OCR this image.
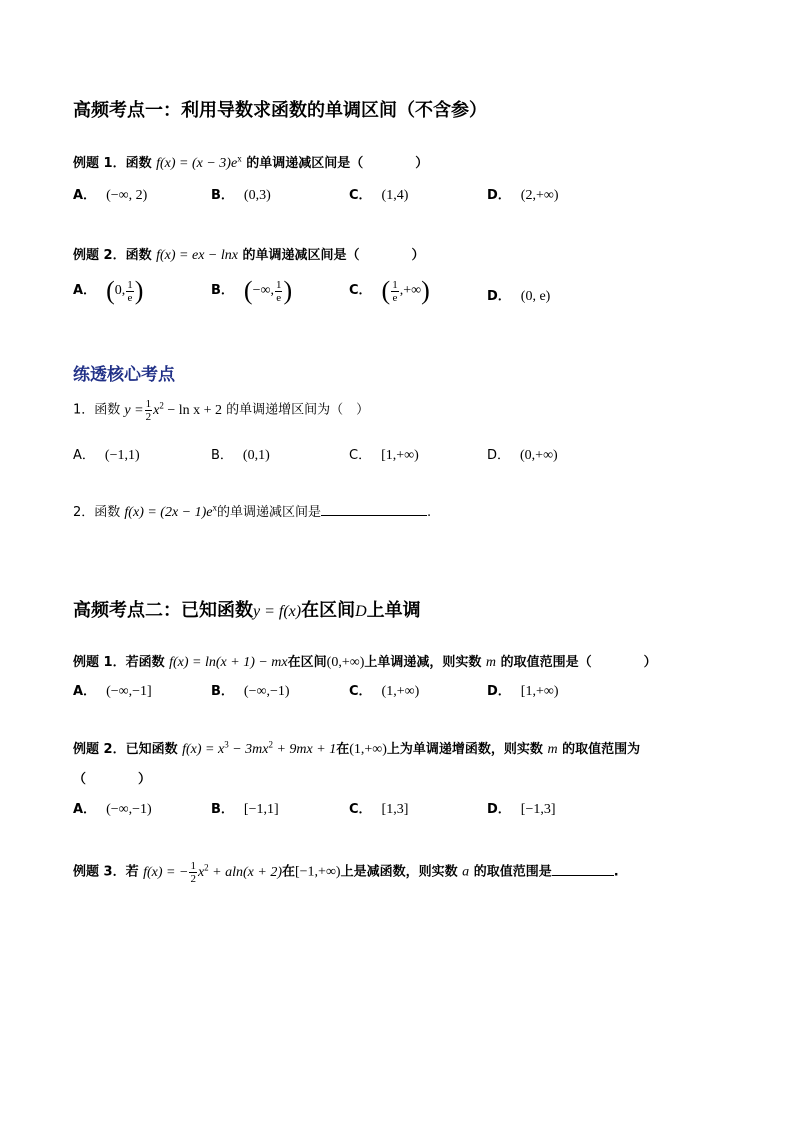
高频考点一：利用导数求函数的单调区间（不含参）
例题 1．函数 $f(x) = (x - 3)e^x$ 的单调递减区间是（　　　　）
A． (−∞, 2)	B． (0,3)	C． (1,4)	D． (2,+∞)
例题 2．函数 f(x) = ex − lnx 的单调递减区间是（　　　　）
A． (0, $\frac{1}{e}$ )	B． (−∞, $\frac{1}{e}$ )	C． ( $\frac{1}{e}$ ,+∞)	D． (0, e)
练透核心考点
1．函数 $y = \frac{1}{2} x^2 - \ln x + 2$ 的单调递增区间为（　）
A． (−1,1)	B． (0,1)	C． [1,+∞)	D． (0,+∞)
2．函数 $f(x) = (2x - 1)e^x$的单调递减区间是	.
高频考点二：已知函数y = f(x)在区间D上单调
例题 1．若函数 f(x) = ln(x + 1) − mx在区间(0,+∞)上单调递减，则实数 m 的取值范围是（　　　　）
A． (−∞,−1]	B． (−∞,−1)	C． (1,+∞)	D． [1,+∞)
例题 2．已知函数 $f(x) = x^3 - 3mx^2 + 9mx + 1$在(1,+∞)上为单调递增函数，则实数 m 的取值范围为
（　　　　）
A． (−∞,−1)	B． [−1,1]	C． [1,3]	D． [−1,3]
例题 3．若 f(x) = − $\frac{1}{2} x^2 + aln(x + 2)$在[−1,+∞)上是减函数，则实数 a 的取值范围是	.
